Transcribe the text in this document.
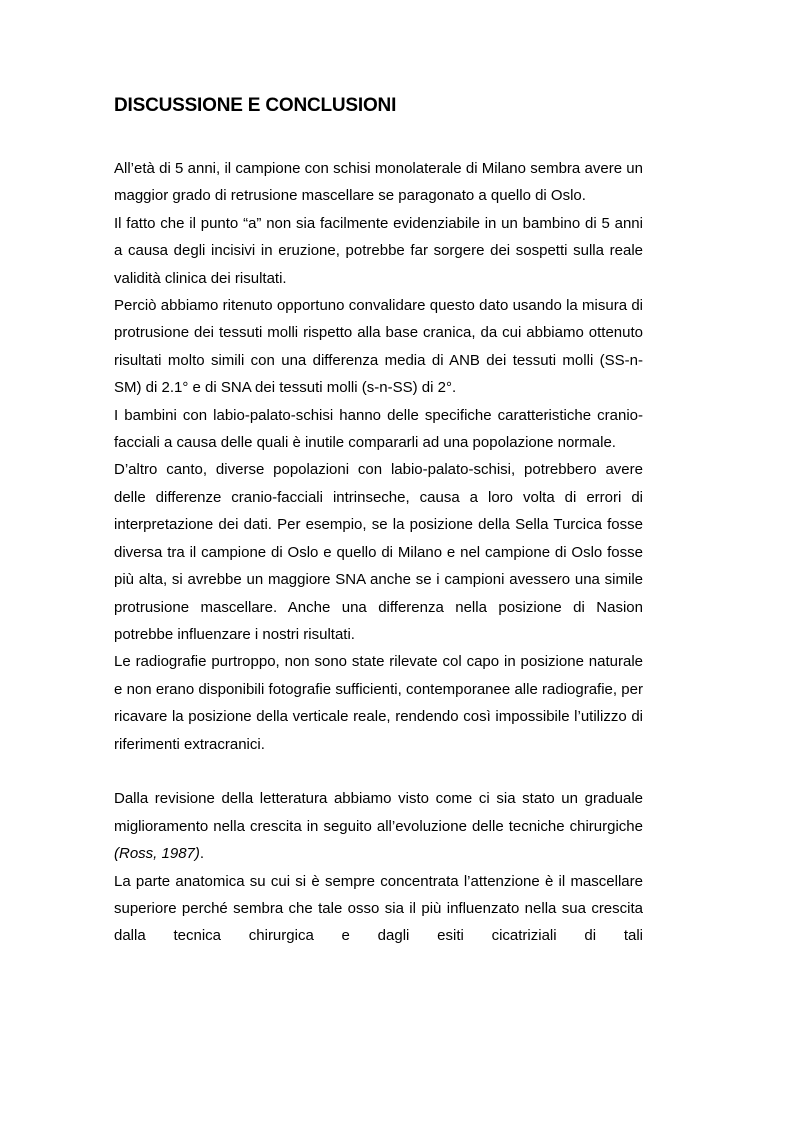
DISCUSSIONE E CONCLUSIONI

All’età di 5 anni, il campione con schisi monolaterale di Milano sembra avere un maggior grado di retrusione mascellare se paragonato a quello di Oslo.

Il fatto che il punto “a” non sia facilmente evidenziabile in un bambino di 5 anni a causa degli incisivi in eruzione, potrebbe far sorgere dei sospetti sulla reale validità clinica dei risultati.

Perciò abbiamo ritenuto opportuno convalidare questo dato usando la misura di protrusione dei tessuti molli rispetto alla base cranica, da cui abbiamo ottenuto risultati molto simili con una differenza media di ANB dei tessuti molli (SS-n-SM) di 2.1° e di SNA dei tessuti molli (s-n-SS) di 2°.

I bambini con labio-palato-schisi hanno delle specifiche caratteristiche cranio-facciali a causa delle quali è inutile compararli ad una popolazione normale.

D’altro canto, diverse popolazioni con labio-palato-schisi, potrebbero avere delle differenze cranio-facciali intrinseche, causa a loro volta di errori di interpretazione dei dati. Per esempio, se la posizione della Sella Turcica fosse diversa tra il campione di Oslo e quello di Milano e nel campione di Oslo fosse più alta, si avrebbe un maggiore SNA anche se i campioni avessero una simile protrusione mascellare. Anche una differenza nella posizione di Nasion potrebbe influenzare i nostri risultati.

Le radiografie purtroppo, non sono state rilevate col capo in posizione naturale e non erano disponibili fotografie sufficienti, contemporanee alle radiografie, per ricavare la posizione della verticale reale, rendendo così impossibile l’utilizzo di riferimenti extracranici.

Dalla revisione della letteratura abbiamo visto come ci sia stato un graduale miglioramento nella crescita in seguito all’evoluzione delle tecniche chirurgiche (Ross, 1987).

La parte anatomica su cui si è sempre concentrata l’attenzione è il mascellare superiore perché sembra che tale osso sia il più influenzato nella sua crescita dalla tecnica chirurgica e dagli esiti cicatriziali di tali
